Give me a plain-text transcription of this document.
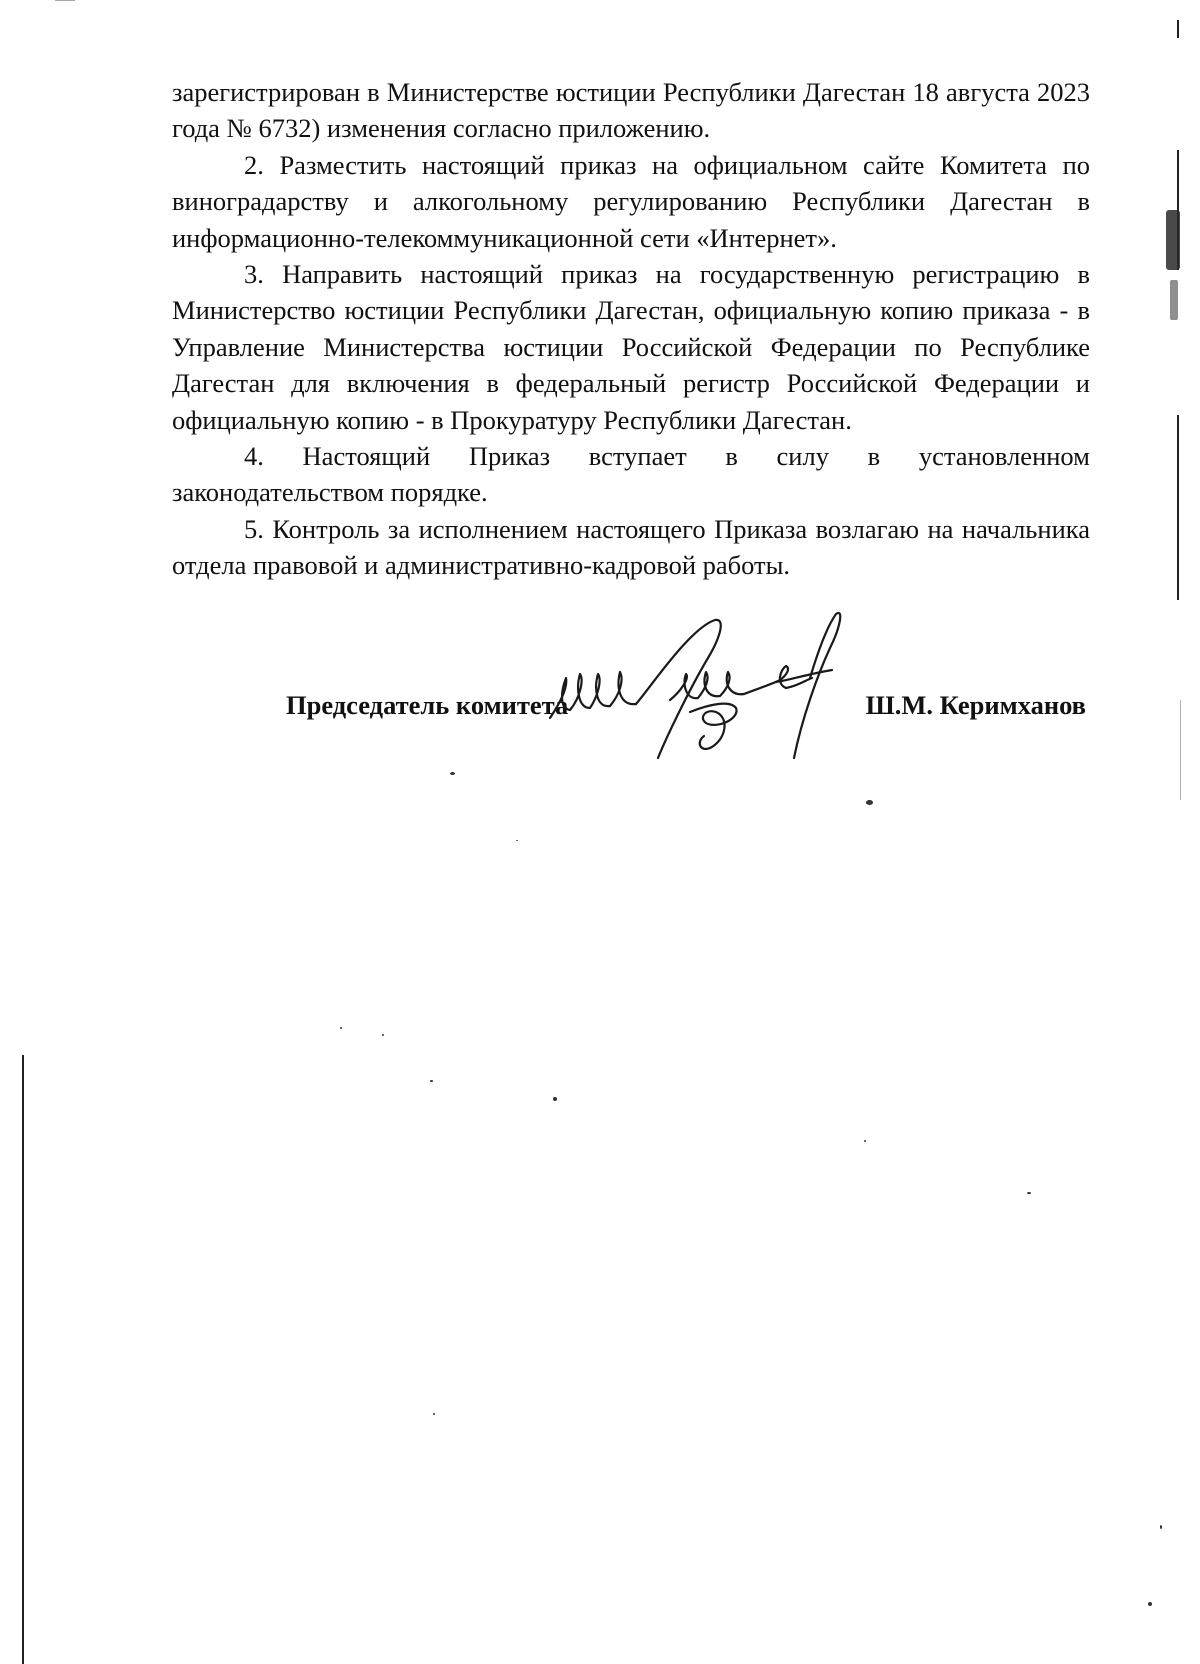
зарегистрирован в Министерстве юстиции Республики Дагестан 18 августа 2023 года № 6732) изменения согласно приложению.

2. Разместить настоящий приказ на официальном сайте Комитета по виноградарству и алкогольному регулированию Республики Дагестан в информационно-телекоммуникационной сети «Интернет».

3. Направить настоящий приказ на государственную регистрацию в Министерство юстиции Республики Дагестан, официальную копию приказа - в Управление Министерства юстиции Российской Федерации по Республике Дагестан для включения в федеральный регистр Российской Федерации и официальную копию - в Прокуратуру Республики Дагестан.

4. Настоящий Приказ вступает в силу в установленном

законодательством порядке.

5. Контроль за исполнением настоящего Приказа возлагаю на начальника отдела правовой и административно-кадровой работы.

Председатель комитета	Ш.М. Керимханов
